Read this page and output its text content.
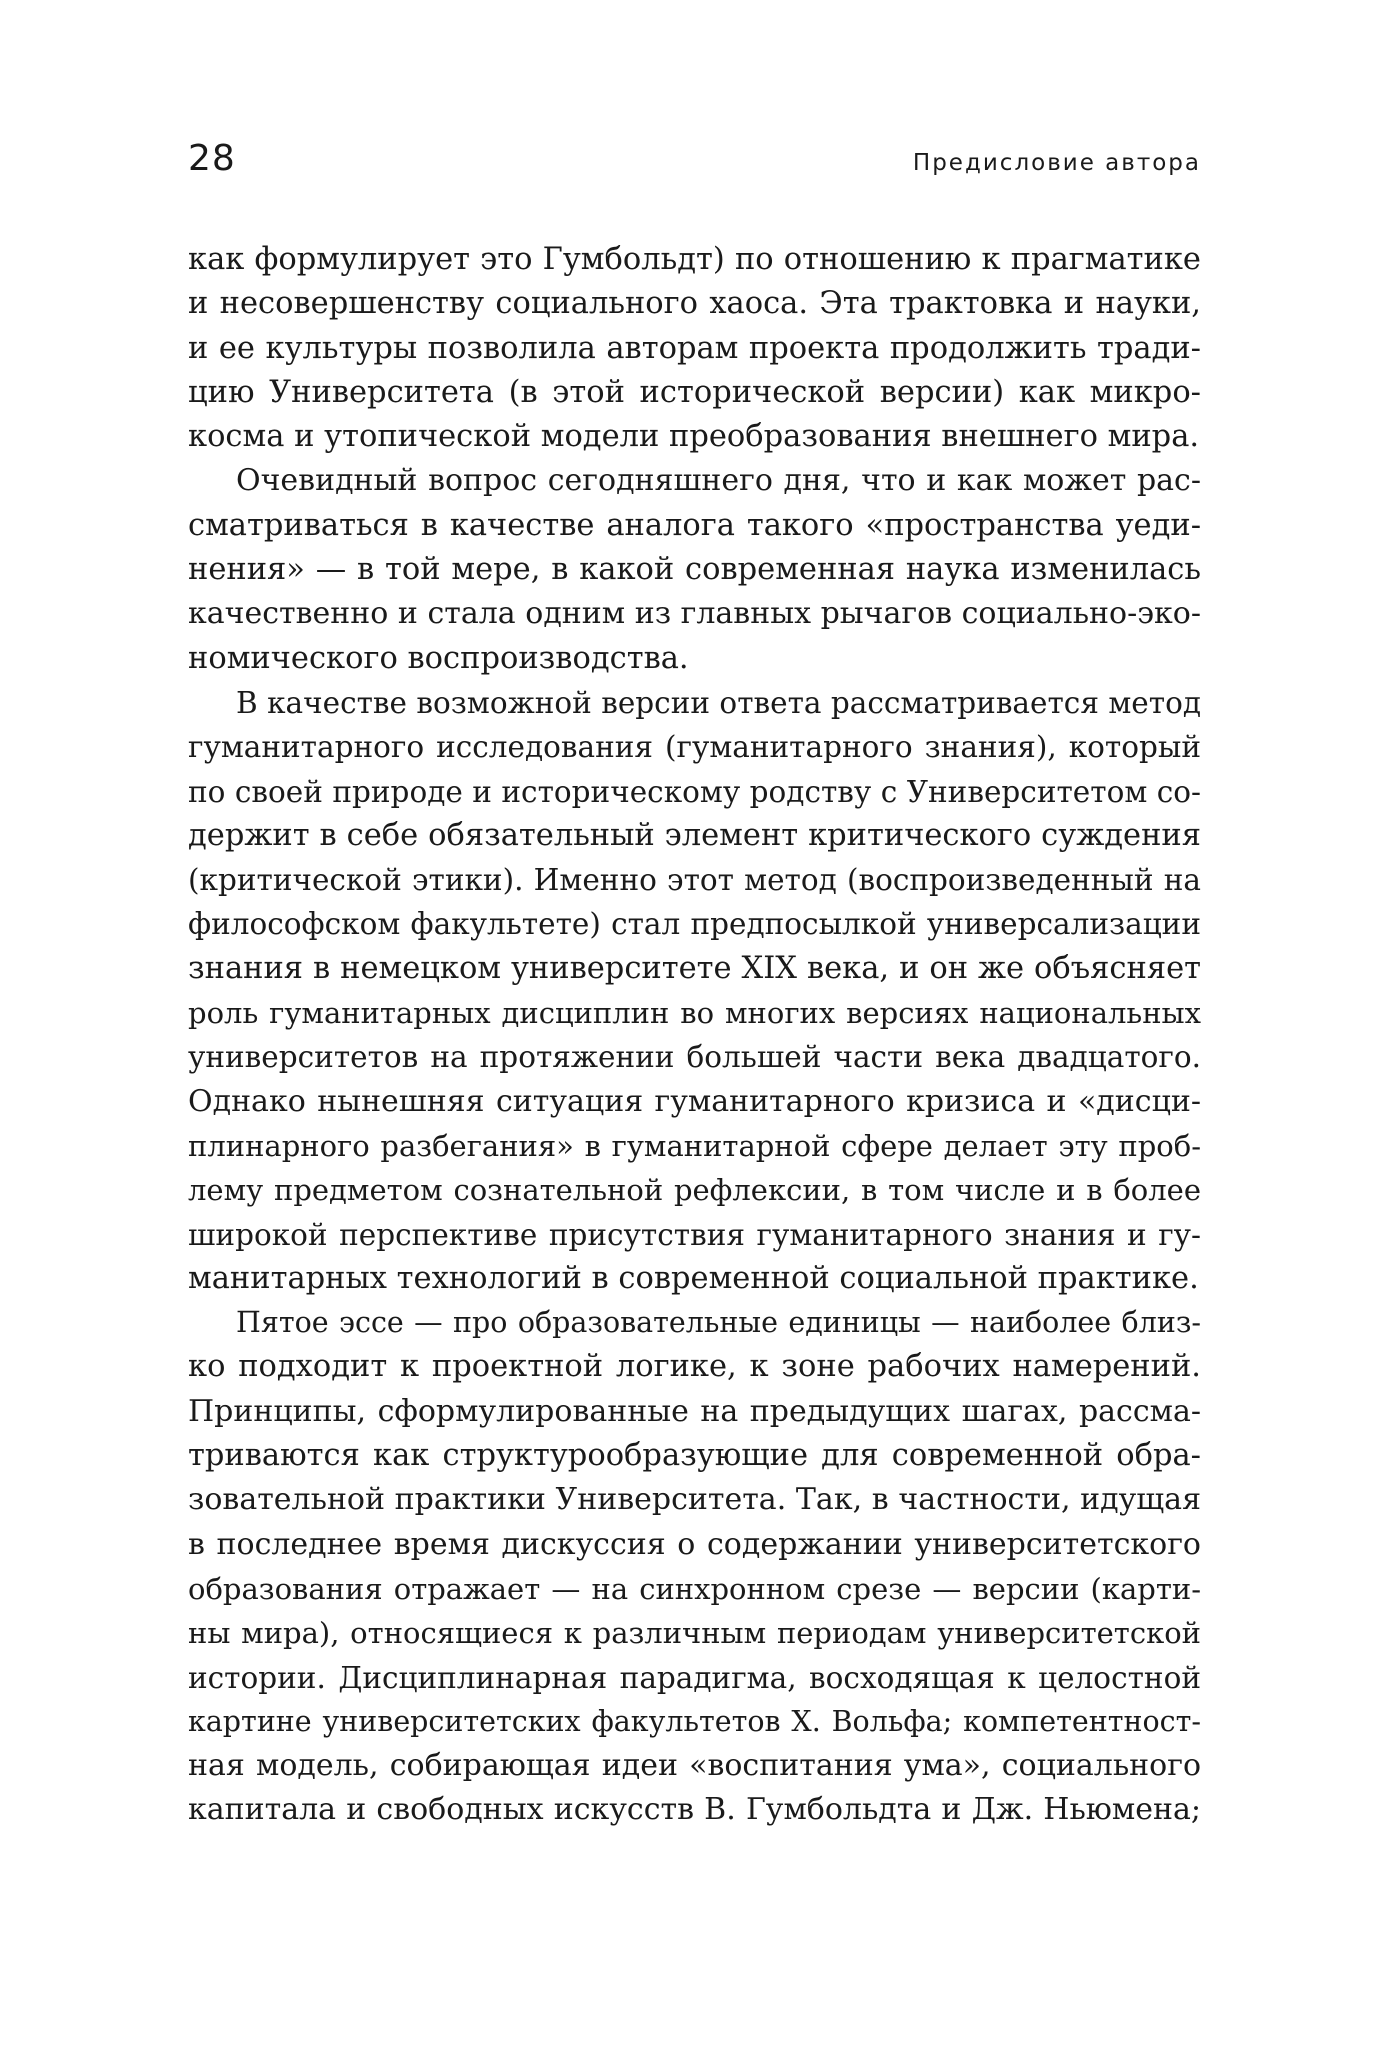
28	Предисловие автора
как формулирует это Гумбольдт) по отношению к прагматике
и несовершенству социального хаоса. Эта трактовка и науки,
и ее культуры позволила авторам проекта продолжить тради-
цию Университета (в этой исторической версии) как микро-
косма и утопической модели преобразования внешнего мира.
Очевидный вопрос сегодняшнего дня, что и как может рас-
сматриваться в качестве аналога такого «пространства уеди-
нения» — в той мере, в какой современная наука изменилась
качественно и стала одним из главных рычагов социально-эко-
номического воспроизводства.
В качестве возможной версии ответа рассматривается метод
гуманитарного исследования (гуманитарного знания), который
по своей природе и историческому родству с Университетом со-
держит в себе обязательный элемент критического суждения
(критической этики). Именно этот метод (воспроизведенный на
философском факультете) стал предпосылкой универсализации
знания в немецком университете XIX века, и он же объясняет
роль гуманитарных дисциплин во многих версиях национальных
университетов на протяжении большей части века двадцатого.
Однако нынешняя ситуация гуманитарного кризиса и «дисци-
плинарного разбегания» в гуманитарной сфере делает эту проб-
лему предметом сознательной рефлексии, в том числе и в более
широкой перспективе присутствия гуманитарного знания и гу-
манитарных технологий в современной социальной практике.
Пятое эссе — про образовательные единицы — наиболее близ-
ко подходит к проектной логике, к зоне рабочих намерений.
Принципы, сформулированные на предыдущих шагах, рассма-
триваются как структурообразующие для современной обра-
зовательной практики Университета. Так, в частности, идущая
в последнее время дискуссия о содержании университетского
образования отражает — на синхронном срезе — версии (карти-
ны мира), относящиеся к различным периодам университетской
истории. Дисциплинарная парадигма, восходящая к целостной
картине университетских факультетов Х. Вольфа; компетентност-
ная модель, собирающая идеи «воспитания ума», социального
капитала и свободных искусств В. Гумбольдта и Дж. Ньюмена;
